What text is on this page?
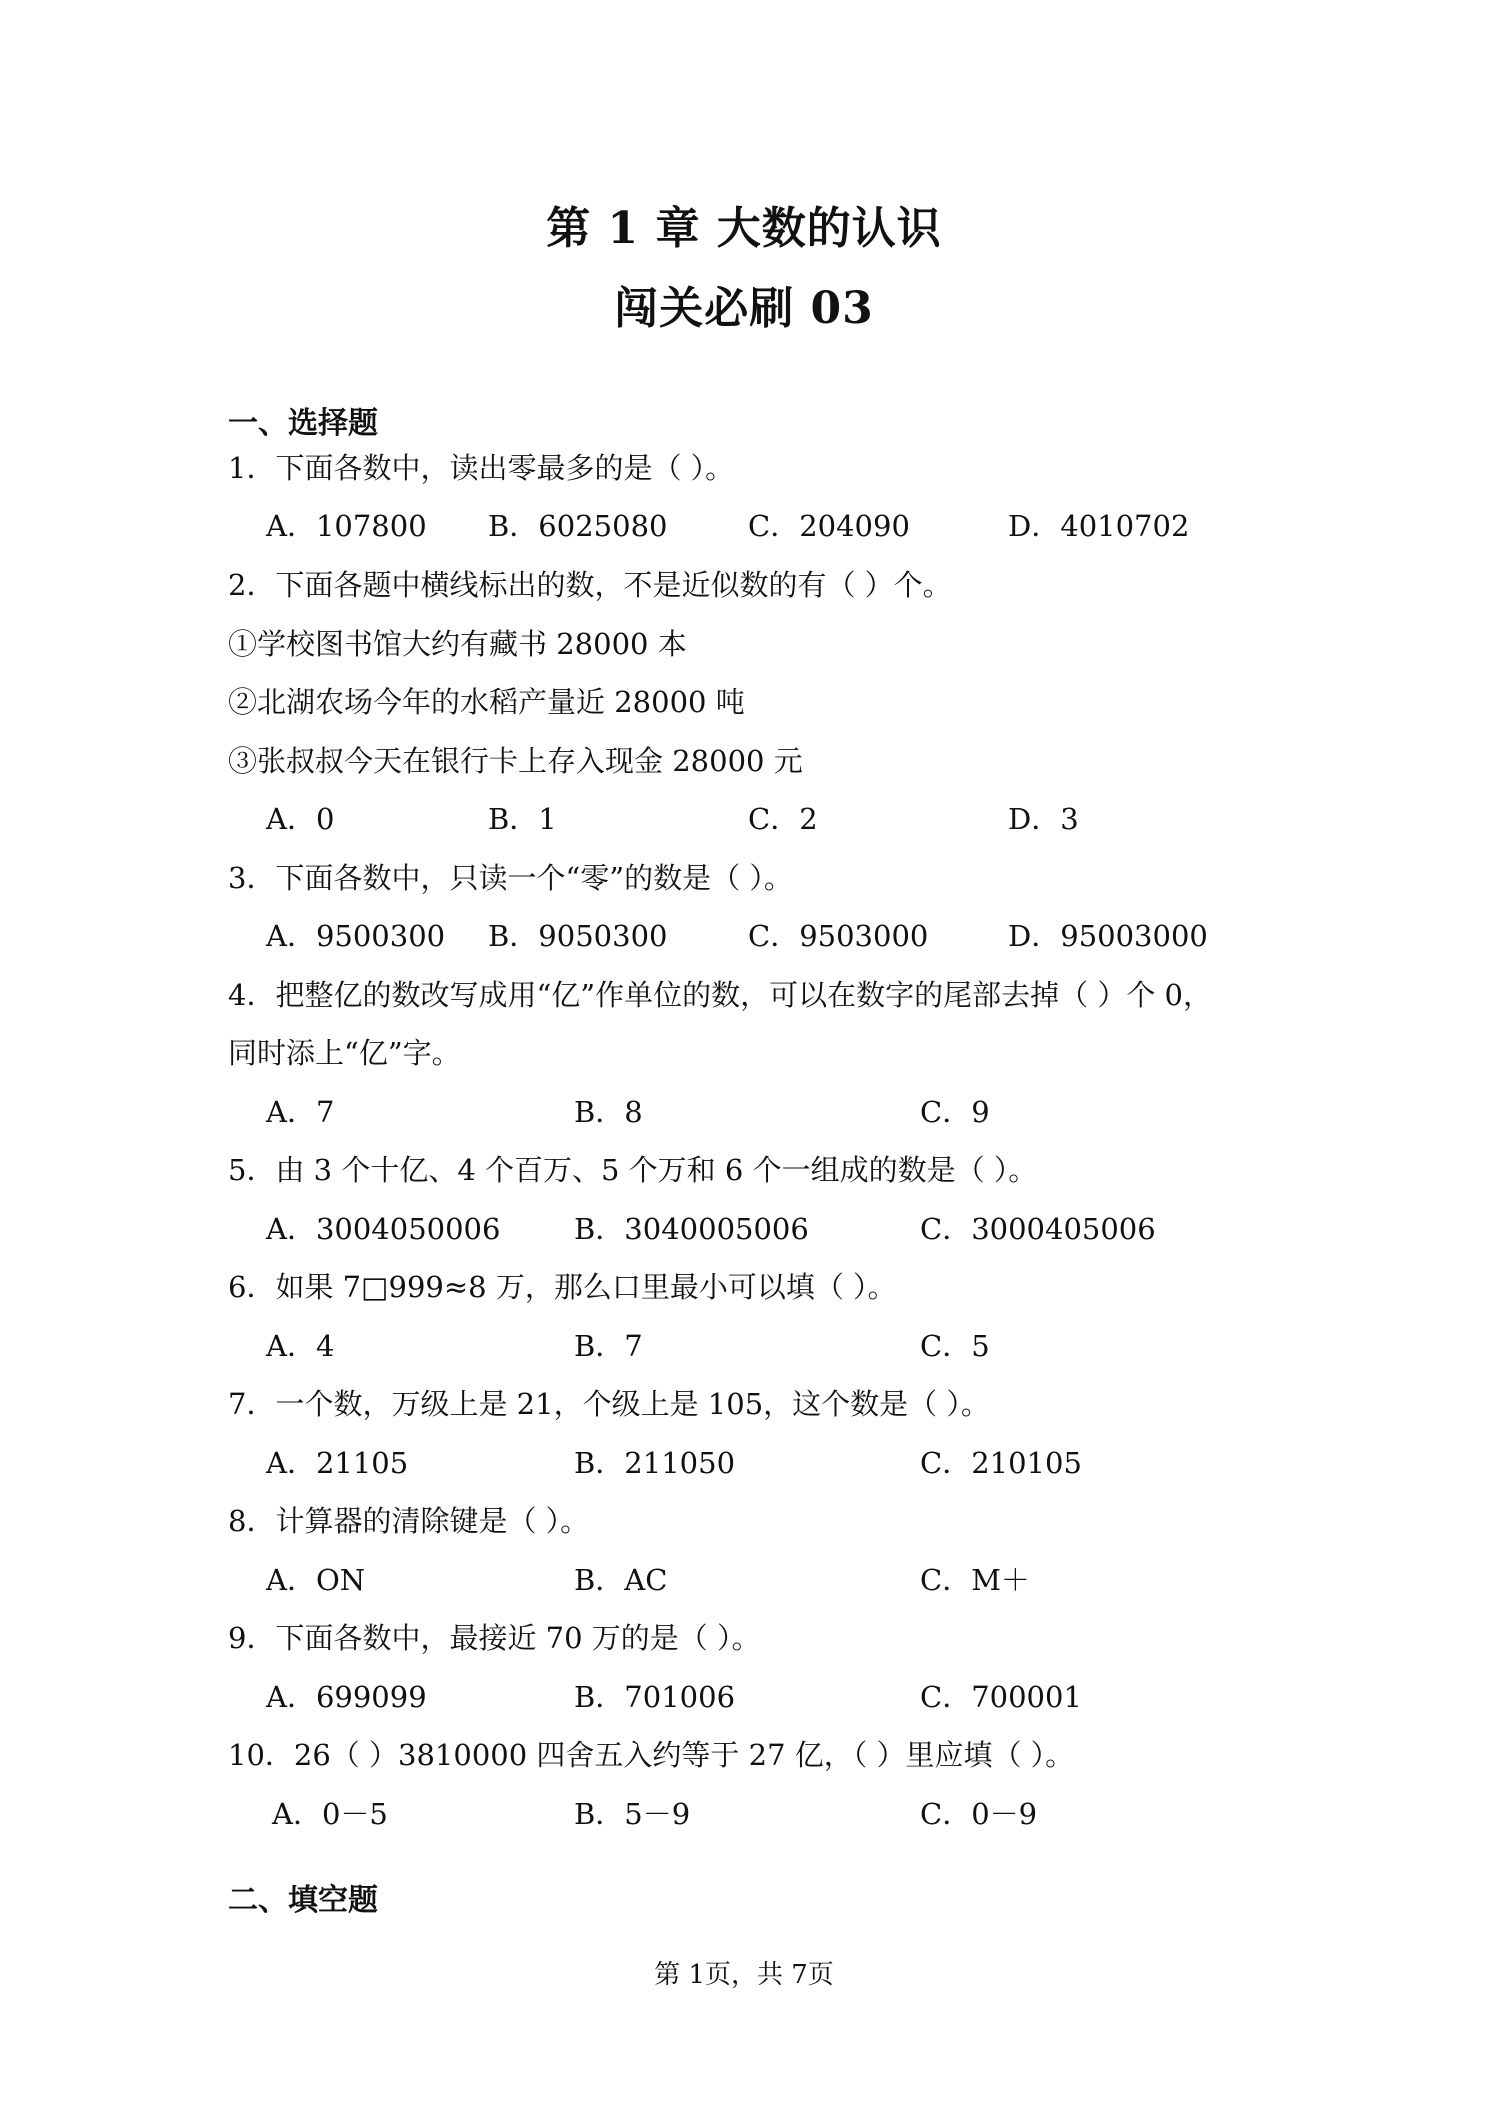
第 1 章 大数的认识
闯关必刷 03
一、选择题
1．下面各数中，读出零最多的是（ ）。
A．107800 B．6025080	C．204090	D．4010702
2．下面各题中横线标出的数，不是近似数的有（ ）个。
①学校图书馆大约有藏书 28000 本
②北湖农场今年的水稻产量近 28000 吨
③张叔叔今天在银行卡上存入现金 28000 元
A．0	B．1	C．2	D．3
3．下面各数中，只读一个“零”的数是（ ）。
A．9500300 B．9050300	C．9503000	D．95003000
4．把整亿的数改写成用“亿”作单位的数，可以在数字的尾部去掉（ ）个 0，
同时添上“亿”字。
A．7	B．8	C．9
5．由 3 个十亿、4 个百万、5 个万和 6 个一组成的数是（ ）。
A．3004050006	B．3040005006	C．3000405006
6．如果 7□999≈8 万，那么口里最小可以填（ ）。
A．4	B．7	C．5
7．一个数，万级上是 21，个级上是 105，这个数是（ ）。
A．21105	B．211050	C．210105
8．计算器的清除键是（ ）。
A．ON	B．AC	C．M＋
9．下面各数中，最接近 70 万的是（ ）。
A．699099	B．701006	C．700001
10．26（ ）3810000 四舍五入约等于 27 亿，（ ）里应填（ ）。
A．0－5	B．5－9	C．0－9
二、填空题
第 1页，共 7页
